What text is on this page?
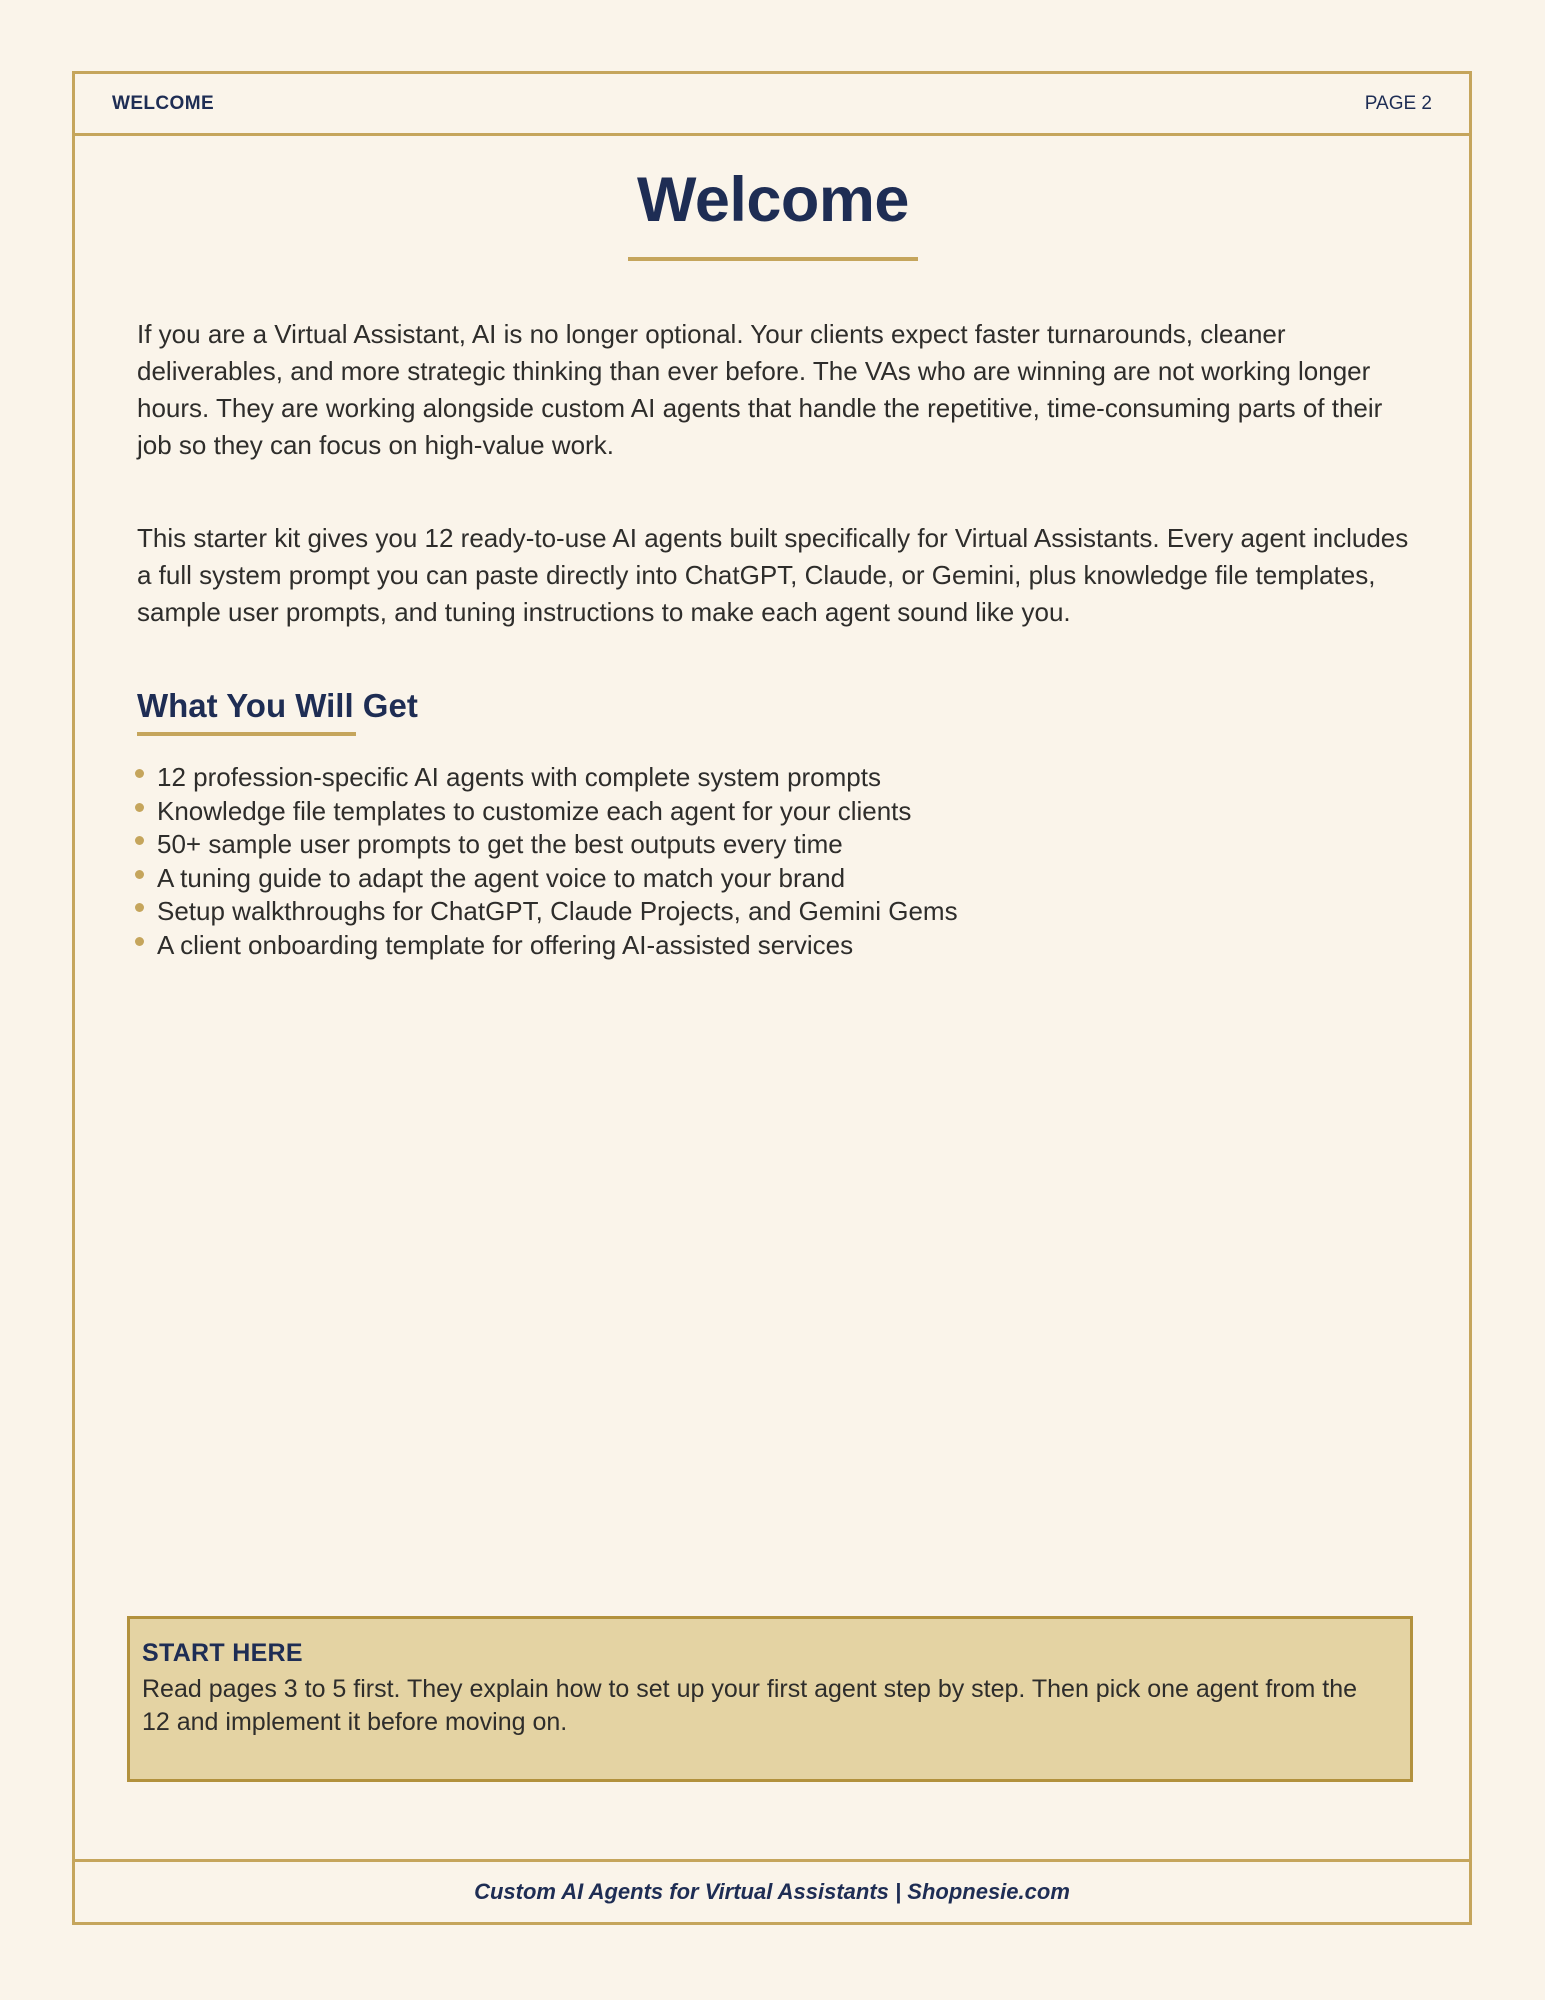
WELCOME	PAGE 2
Welcome

If you are a Virtual Assistant, AI is no longer optional. Your clients expect faster turnarounds, cleaner deliverables, and more strategic thinking than ever before. The VAs who are winning are not working longer hours. They are working alongside custom AI agents that handle the repetitive, time-consuming parts of their job so they can focus on high-value work.

This starter kit gives you 12 ready-to-use AI agents built specifically for Virtual Assistants. Every agent includes a full system prompt you can paste directly into ChatGPT, Claude, or Gemini, plus knowledge file templates, sample user prompts, and tuning instructions to make each agent sound like you.

What You Will Get
12 profession-specific AI agents with complete system prompts
Knowledge file templates to customize each agent for your clients
50+ sample user prompts to get the best outputs every time
A tuning guide to adapt the agent voice to match your brand
Setup walkthroughs for ChatGPT, Claude Projects, and Gemini Gems
A client onboarding template for offering AI-assisted services
START HERE
Read pages 3 to 5 first. They explain how to set up your first agent step by step. Then pick one agent from the 12 and implement it before moving on.
Custom AI Agents for Virtual Assistants | Shopnesie.com
